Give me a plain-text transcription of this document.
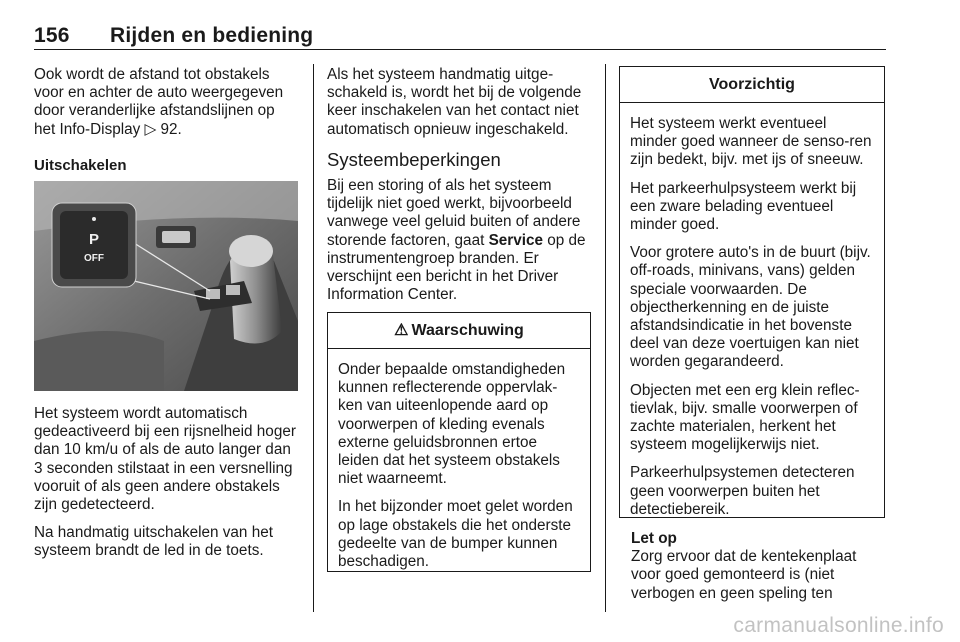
156 Rijden en bediening

Ook wordt de afstand tot obstakels voor en achter de auto weergegeven door veranderlijke afstandslijnen op het Info-Display ▷ 92.

Uitschakelen
P
OFF

Het systeem wordt automatisch gedeactiveerd bij een rijsnelheid hoger dan 10 km/u of als de auto langer dan 3 seconden stilstaat in een versnelling vooruit of als geen andere obstakels zijn gedetecteerd.

Na handmatig uitschakelen van het systeem brandt de led in de toets.

Als het systeem handmatig uitge-schakeld is, wordt het bij de volgende keer inschakelen van het contact niet automatisch opnieuw ingeschakeld.

Systeembeperkingen

Bij een storing of als het systeem tijdelijk niet goed werkt, bijvoorbeeld vanwege veel geluid buiten of andere storende factoren, gaat Service op de instrumentengroep branden. Er verschijnt een bericht in het Driver Information Center.

⚠ Waarschuwing

Onder bepaalde omstandigheden kunnen reflecterende oppervlak-ken van uiteenlopende aard op voorwerpen of kleding evenals externe geluidsbronnen ertoe leiden dat het systeem obstakels niet waarneemt.

In het bijzonder moet gelet worden op lage obstakels die het onderste gedeelte van de bumper kunnen beschadigen.

Voorzichtig

Het systeem werkt eventueel minder goed wanneer de senso-ren zijn bedekt, bijv. met ijs of sneeuw.

Het parkeerhulpsysteem werkt bij een zware belading eventueel minder goed.

Voor grotere auto's in de buurt (bijv. off-roads, minivans, vans) gelden speciale voorwaarden. De objectherkenning en de juiste afstandsindicatie in het bovenste deel van deze voertuigen kan niet worden gegarandeerd.

Objecten met een erg klein reflec-tievlak, bijv. smalle voorwerpen of zachte materialen, herkent het systeem mogelijkerwijs niet.

Parkeerhulpsystemen detecteren geen voorwerpen buiten het detectiebereik.

Let op
Zorg ervoor dat de kentekenplaat voor goed gemonteerd is (niet verbogen en geen speling ten
carmanualsonline.info
